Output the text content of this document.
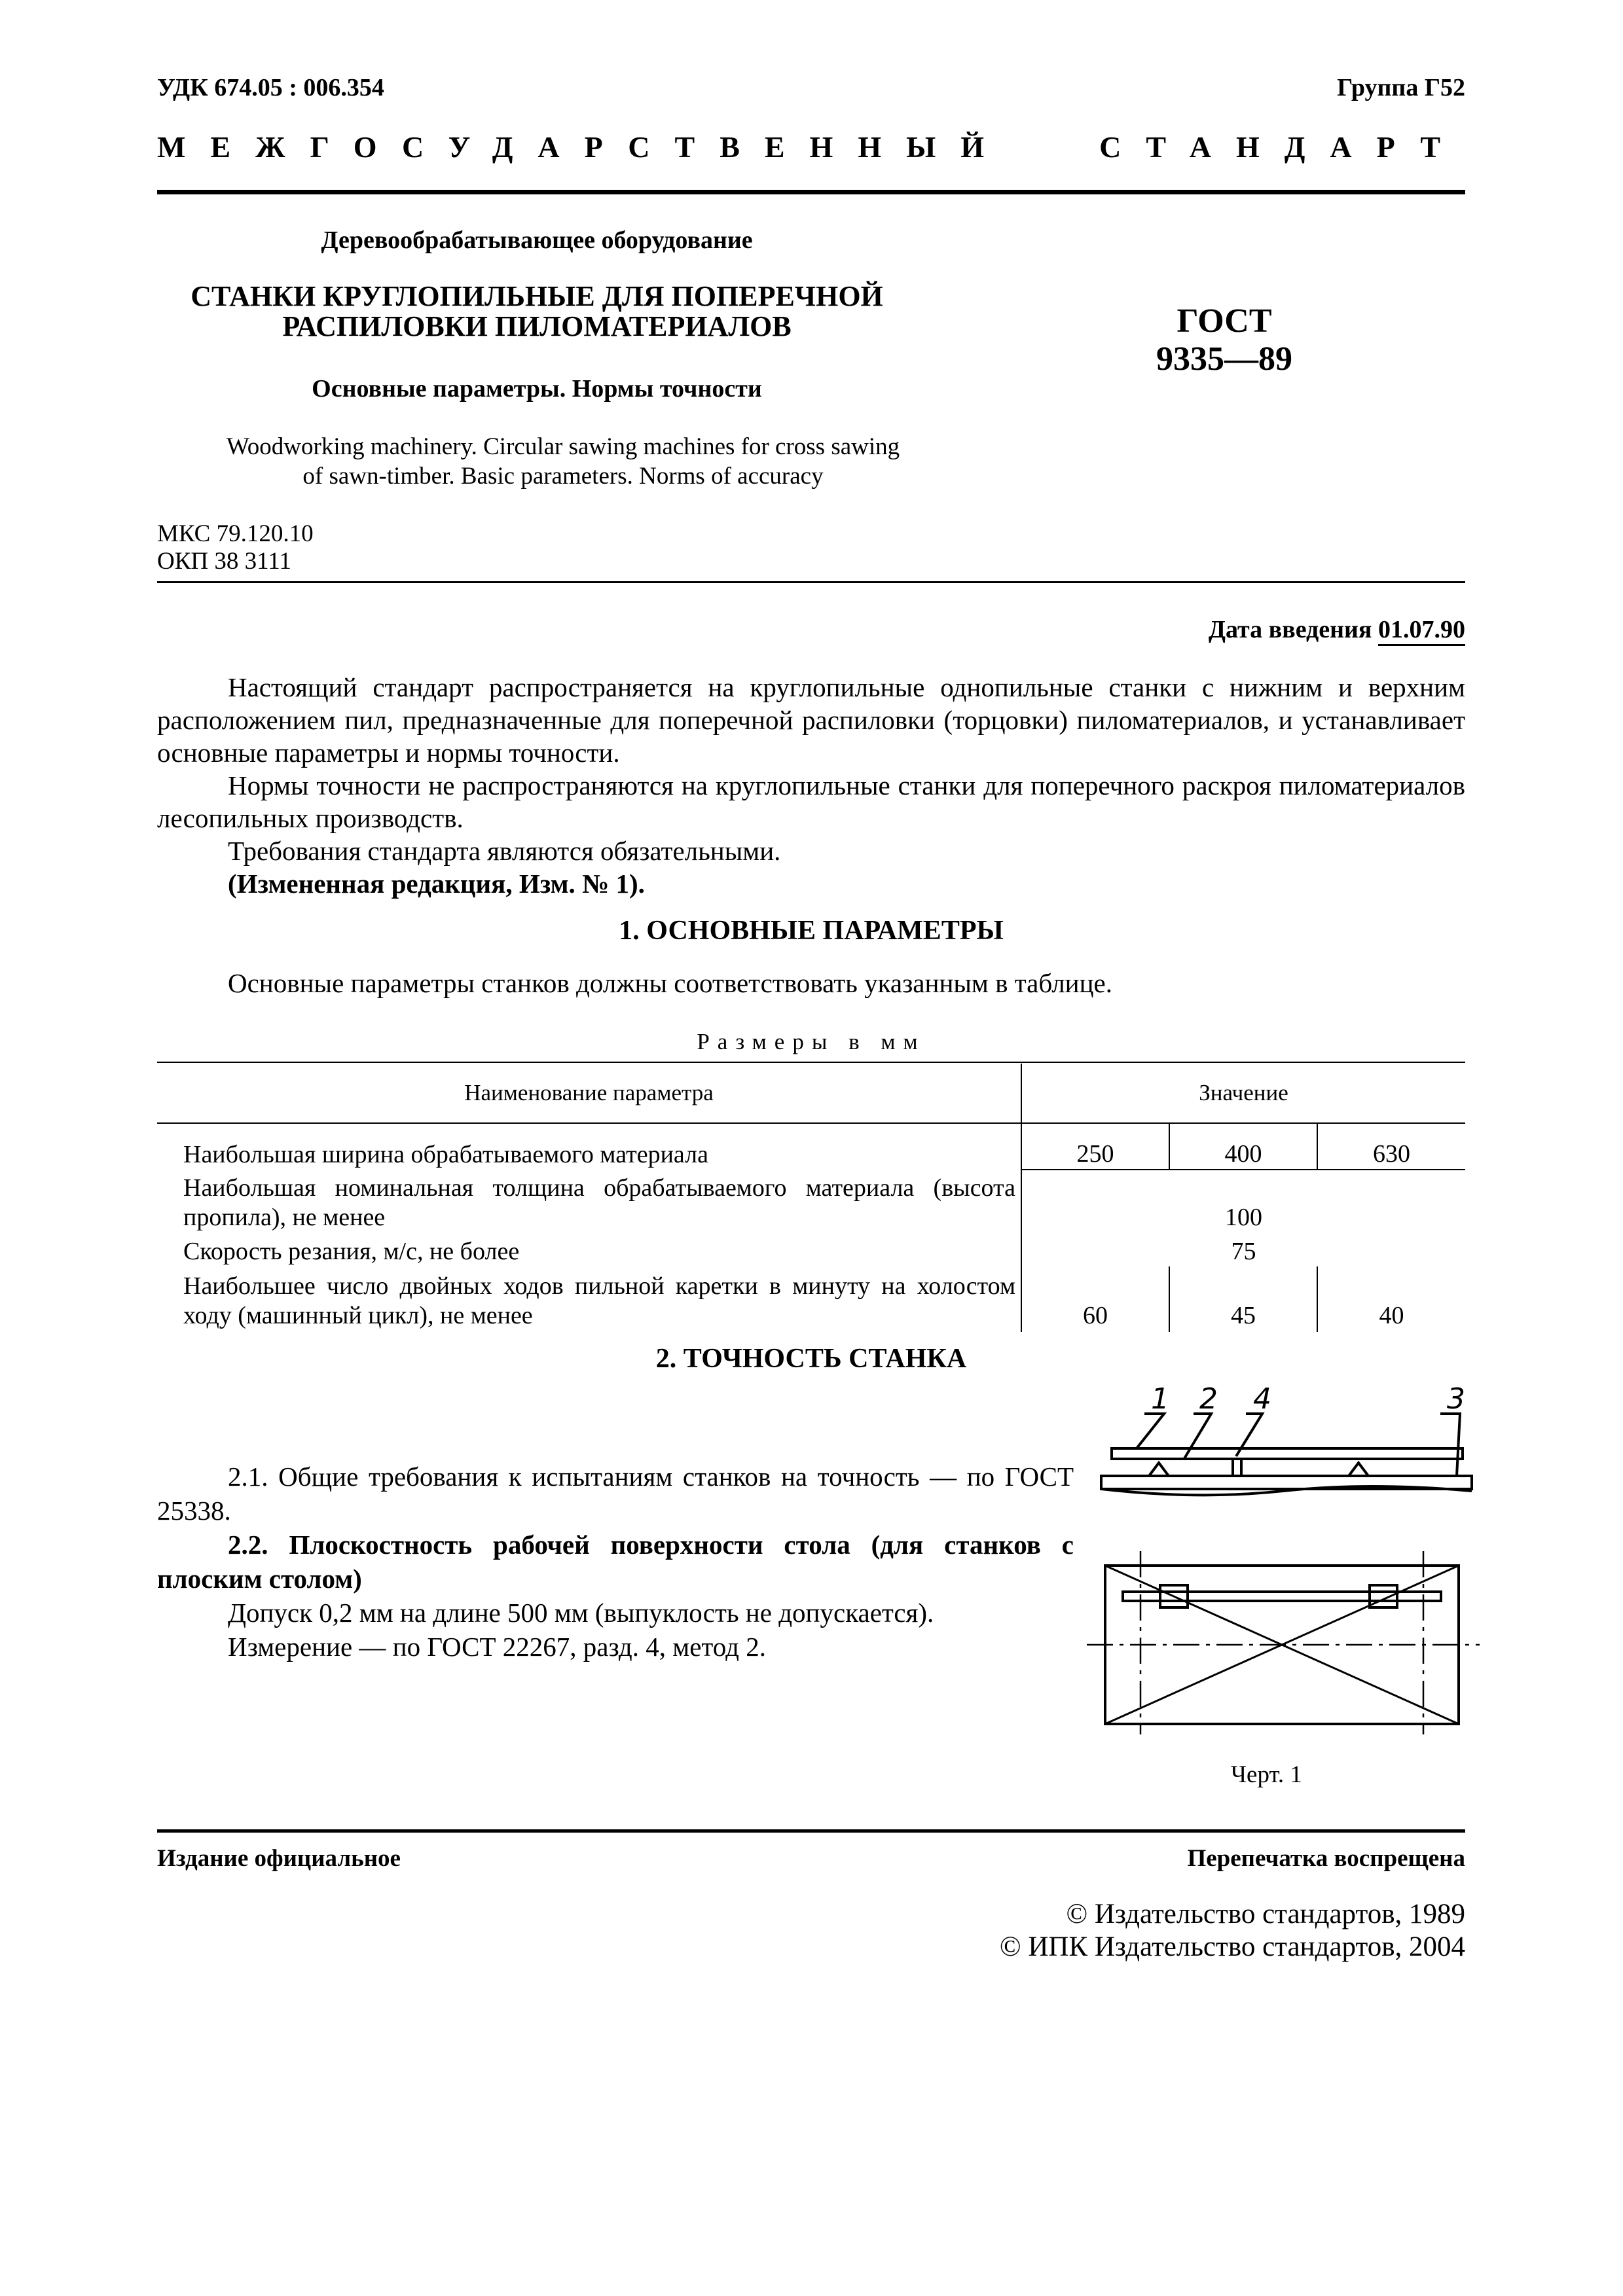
УДК 674.05 : 006.354	Группа Г52
МЕЖГОСУДАРСТВЕННЫЙ СТАНДАРТ
Деревообрабатывающее оборудование
СТАНКИ КРУГЛОПИЛЬНЫЕ ДЛЯ ПОПЕРЕЧНОЙ
РАСПИЛОВКИ ПИЛОМАТЕРИАЛОВ
Основные параметры. Нормы точности
Woodworking machinery. Circular sawing machines for cross sawing
of sawn-timber. Basic parameters. Norms of accuracy
ГОСТ
9335—89
МКС 79.120.10
ОКП 38 3111
Дата введения 01.07.90

Настоящий стандарт распространяется на круглопильные однопильные станки с нижним и верхним расположением пил, предназначенные для поперечной распиловки (торцовки) пиломатериалов, и устанавливает основные параметры и нормы точности.

Нормы точности не распространяются на круглопильные станки для поперечного раскроя пиломатериалов лесопильных производств.

Требования стандарта являются обязательными.

(Измененная редакция, Изм. № 1).

1. ОСНОВНЫЕ ПАРАМЕТРЫ
Основные параметры станков должны соответствовать указанным в таблице.
Размеры в мм
Наименование параметра	Значение		
Наибольшая ширина обрабатываемого материала	250	400	630
Наибольшая номинальная толщина обрабатываемого материала (высота пропила), не менее	100		
Скорость резания, м/с, не более	75		
Наибольшее число двойных ходов пильной каретки в минуту на холостом ходу (машинный цикл), не менее	60	45	40
2. ТОЧНОСТЬ СТАНКА

2.1. Общие требования к испытаниям станков на точность — по ГОСТ 25338.

2.2. Плоскостность рабочей поверхности стола (для станков с плоским столом)

Допуск 0,2 мм на длине 500 мм (выпуклость не допускается).

Измерение — по ГОСТ 22267, разд. 4, метод 2.

1 2 4	3
Черт. 1
Издание официальное	Перепечатка воспрещена
© Издательство стандартов, 1989
© ИПК Издательство стандартов, 2004
